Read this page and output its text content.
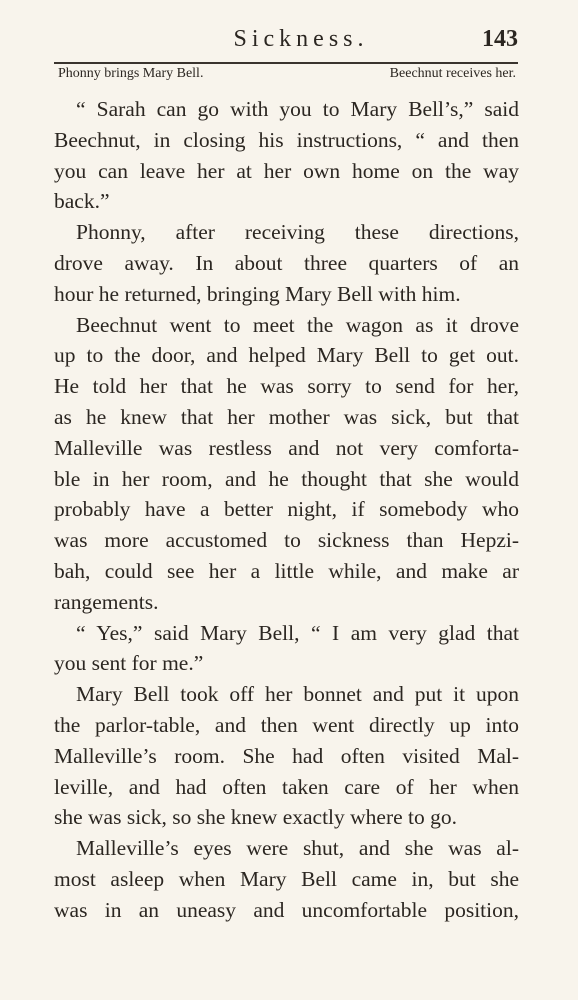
Sickness.	143
Phonny brings Mary Bell.	Beechnut receives her.
“ Sarah can go with you to Mary Bell’s,” said
Beechnut, in closing his instructions, “ and then
you can leave her at her own home on the way
back.”
Phonny, after receiving these directions,
drove away. In about three quarters of an
hour he returned, bringing Mary Bell with him.
Beechnut went to meet the wagon as it drove
up to the door, and helped Mary Bell to get out.
He told her that he was sorry to send for her,
as he knew that her mother was sick, but that
Malleville was restless and not very comforta-
ble in her room, and he thought that she would
probably have a better night, if somebody who
was more accustomed to sickness than Hepzi-
bah, could see her a little while, and make ar
rangements.
“ Yes,” said Mary Bell, “ I am very glad that
you sent for me.”
Mary Bell took off her bonnet and put it upon
the parlor-table, and then went directly up into
Malleville’s room. She had often visited Mal-
leville, and had often taken care of her when
she was sick, so she knew exactly where to go.
Malleville’s eyes were shut, and she was al-
most asleep when Mary Bell came in, but she
was in an uneasy and uncomfortable position,
